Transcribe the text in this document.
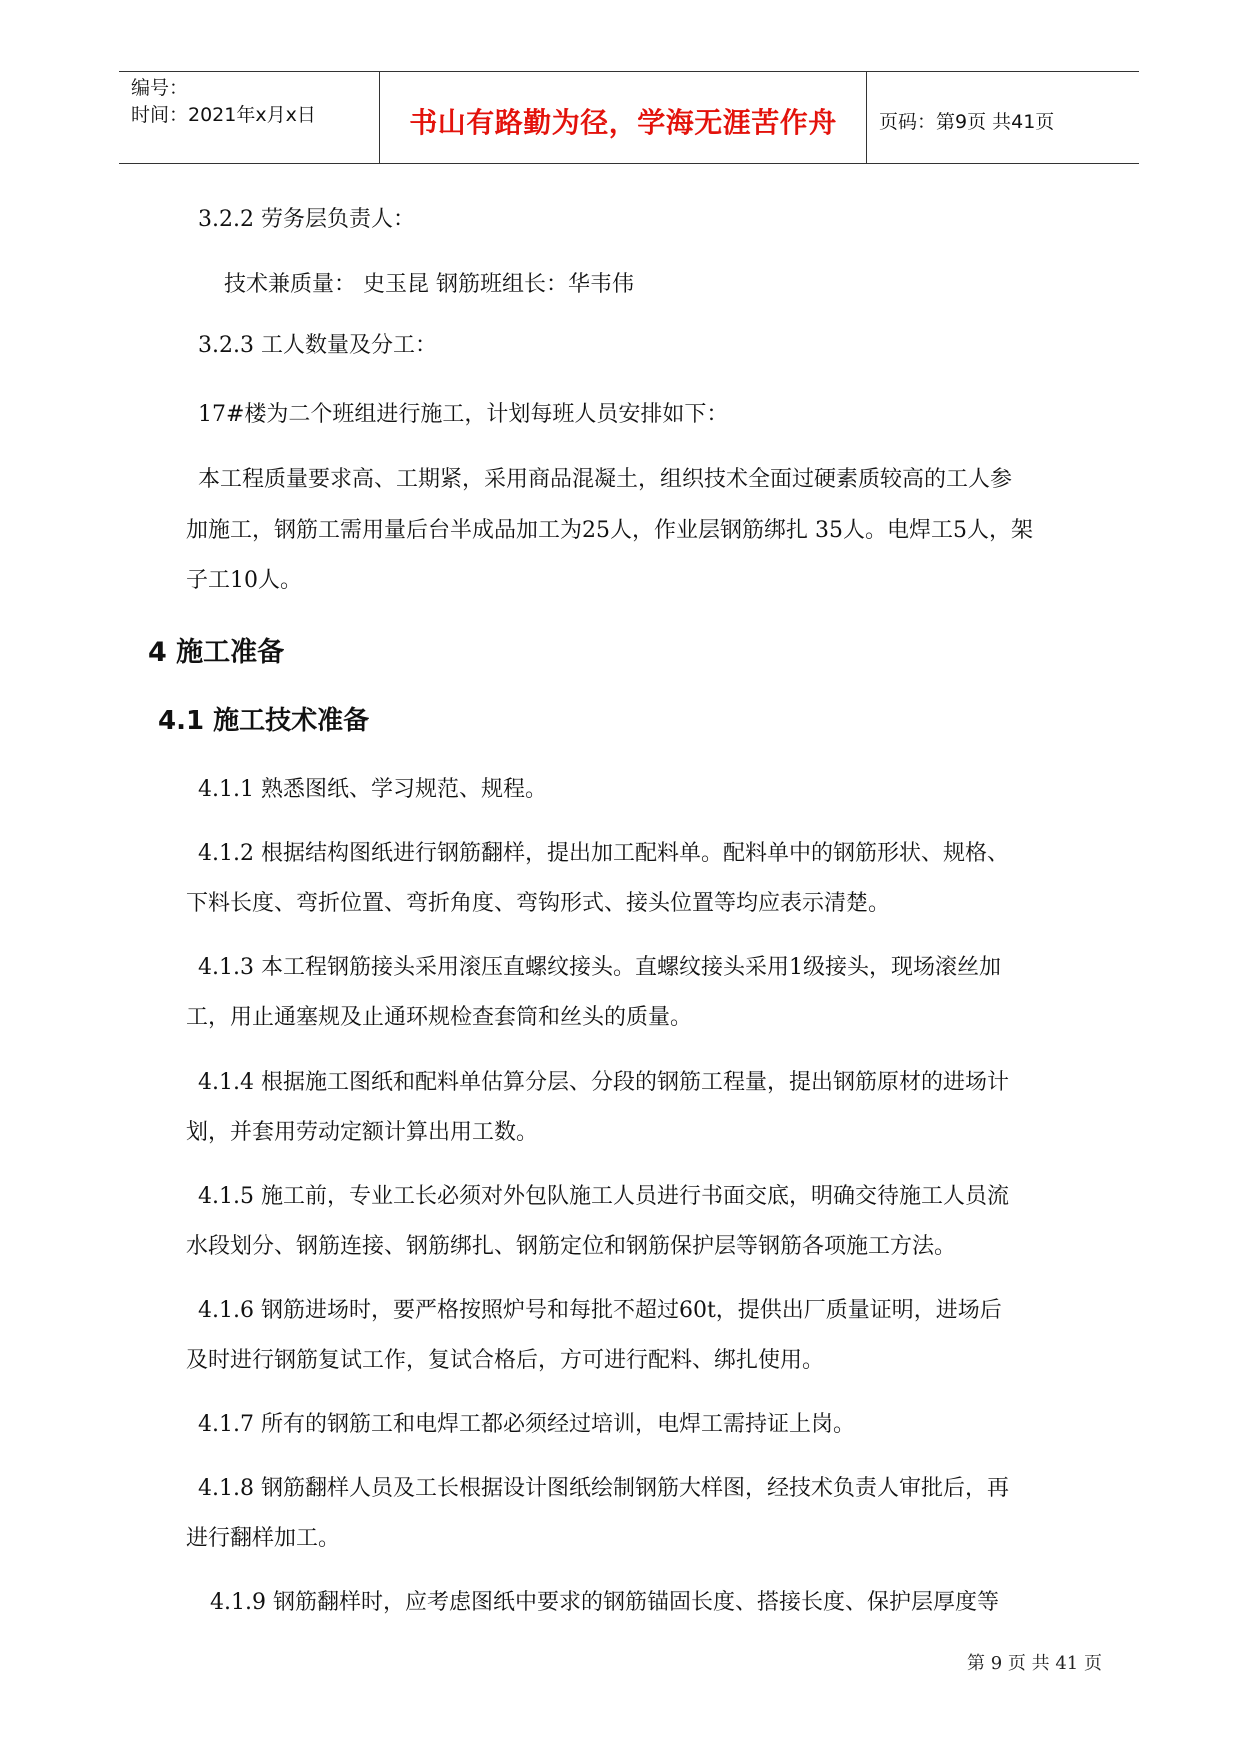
编号：
时间：2021年x月x日	书山有路勤为径，学海无涯苦作舟 页码：第9页 共41页
3.2.2 劳务层负责人：
技术兼质量： 史玉昆 钢筋班组长：华韦伟
3.2.3 工人数量及分工：
17#楼为二个班组进行施工，计划每班人员安排如下：
本工程质量要求高、工期紧，采用商品混凝土，组织技术全面过硬素质较高的工人参
加施工，钢筋工需用量后台半成品加工为25人，作业层钢筋绑扎 35人。电焊工5人，架
子工10人。
4 施工准备
4.1 施工技术准备
4.1.1 熟悉图纸、学习规范、规程。
4.1.2 根据结构图纸进行钢筋翻样，提出加工配料单。配料单中的钢筋形状、规格、
下料长度、弯折位置、弯折角度、弯钩形式、接头位置等均应表示清楚。
4.1.3 本工程钢筋接头采用滚压直螺纹接头。直螺纹接头采用1级接头，现场滚丝加
工，用止通塞规及止通环规检查套筒和丝头的质量。
4.1.4 根据施工图纸和配料单估算分层、分段的钢筋工程量，提出钢筋原材的进场计
划，并套用劳动定额计算出用工数。
4.1.5 施工前，专业工长必须对外包队施工人员进行书面交底，明确交待施工人员流
水段划分、钢筋连接、钢筋绑扎、钢筋定位和钢筋保护层等钢筋各项施工方法。
4.1.6 钢筋进场时，要严格按照炉号和每批不超过60t，提供出厂质量证明，进场后
及时进行钢筋复试工作，复试合格后，方可进行配料、绑扎使用。
4.1.7 所有的钢筋工和电焊工都必须经过培训，电焊工需持证上岗。
4.1.8 钢筋翻样人员及工长根据设计图纸绘制钢筋大样图，经技术负责人审批后，再
进行翻样加工。
4.1.9 钢筋翻样时，应考虑图纸中要求的钢筋锚固长度、搭接长度、保护层厚度等
第 9 页 共 41 页
